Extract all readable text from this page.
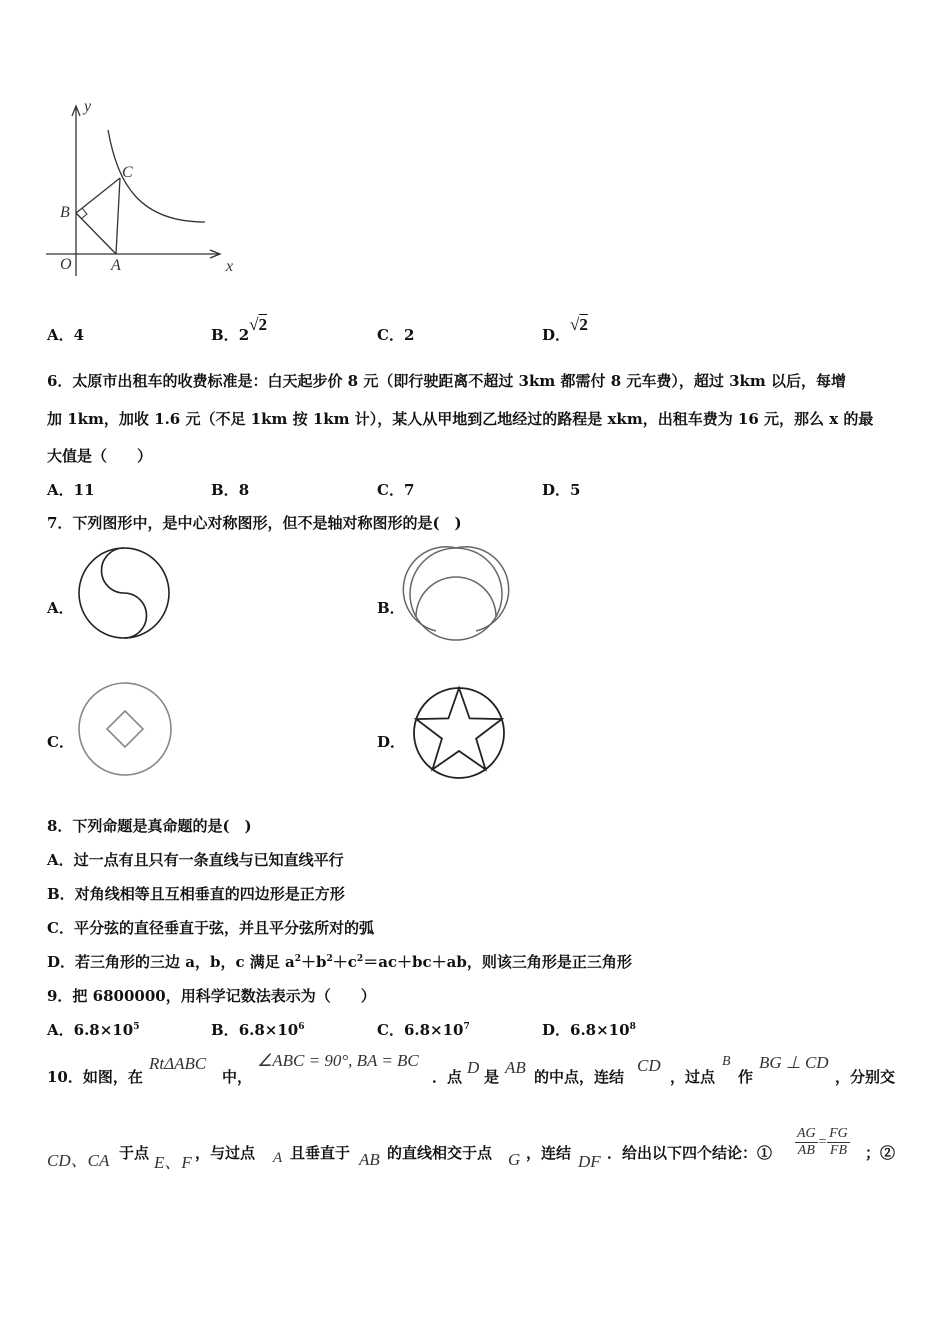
y
x
O A
B
C
A．4	B．2√2
C．2	D．√2
6．太原市出租车的收费标准是：白天起步价 8 元（即行驶距离不超过 3km 都需付 8 元车费），超过 3km 以后，每增
加 1km，加收 1.6 元（不足 1km 按 1km 计），某人从甲地到乙地经过的路程是 xkm，出租车费为 16 元，那么 x 的最
大值是（　　）
A．11	B．8	C．7	D．5
7．下列图形中，是中心对称图形，但不是轴对称图形的是(　)
A．	B．
C．	D．
8．下列命题是真命题的是(　)
A．过一点有且只有一条直线与已知直线平行
B．对角线相等且互相垂直的四边形是正方形
C．平分弦的直径垂直于弦，并且平分弦所对的弧
D．若三角形的三边 a，b，c 满足 $a^2+b^2+c^2=ac+bc+ab$，则该三角形是正三角形
9．把 6800000，用科学记数法表示为（　　）
A．$6.8\times 10^5$	B．$6.8\times 10^6$	C．$6.8\times 10^7$	D．$6.8\times 10^8$
10．如图，在
RtΔABC
中，
∠ABC = 90°, BA = BC
．点 D 是 AB 的中点，连结
CD
，过点
B
作
BG ⊥ CD
，分别交
CD、CA 于点 E、F ，与过点 A 且垂直于 AB 的直线相交于点 G ，连结 DF ．给出以下四个结论：① $\frac{AG}{AB} = \frac{FG}{FB}$ ；②
